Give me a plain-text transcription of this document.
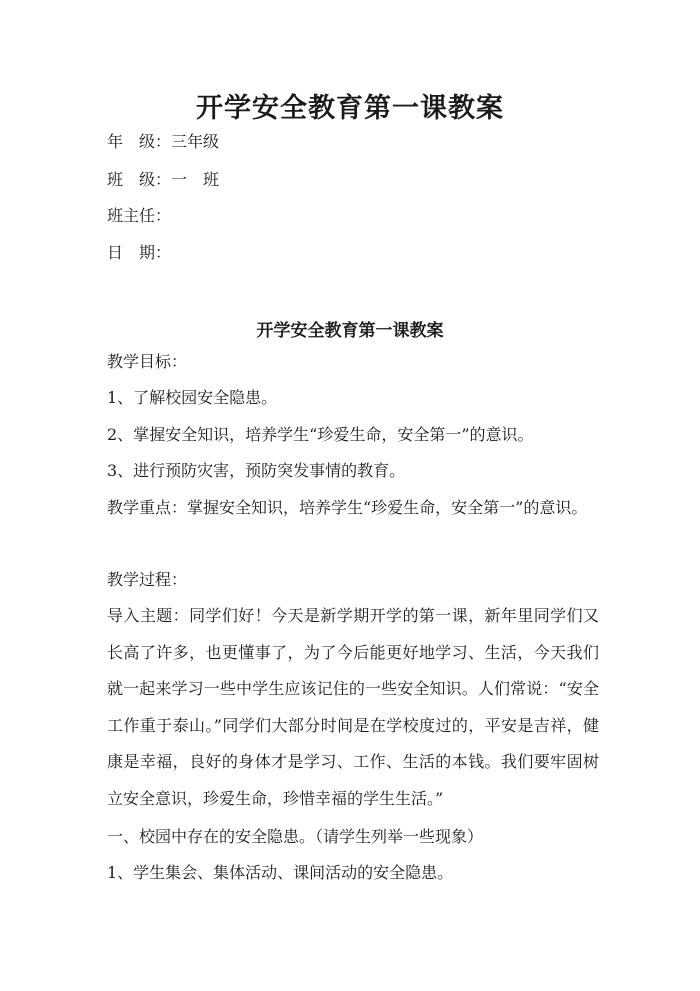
开学安全教育第一课教案

年　级：三年级

班　级：一　班

班主任：

日　期：

开学安全教育第一课教案

教学目标：

1、了解校园安全隐患。

2、掌握安全知识，培养学生“珍爱生命，安全第一”的意识。

3、进行预防灾害，预防突发事情的教育。

教学重点：掌握安全知识，培养学生“珍爱生命，安全第一”的意识。

教学过程：

导入主题：同学们好！今天是新学期开学的第一课，新年里同学们又长高了许多，也更懂事了，为了今后能更好地学习、生活，今天我们就一起来学习一些中学生应该记住的一些安全知识。人们常说：“安全工作重于泰山。”同学们大部分时间是在学校度过的，平安是吉祥，健康是幸福，良好的身体才是学习、工作、生活的本钱。我们要牢固树立安全意识，珍爱生命，珍惜幸福的学生生活。”

一、校园中存在的安全隐患。（请学生列举一些现象）

1、学生集会、集体活动、课间活动的安全隐患。
